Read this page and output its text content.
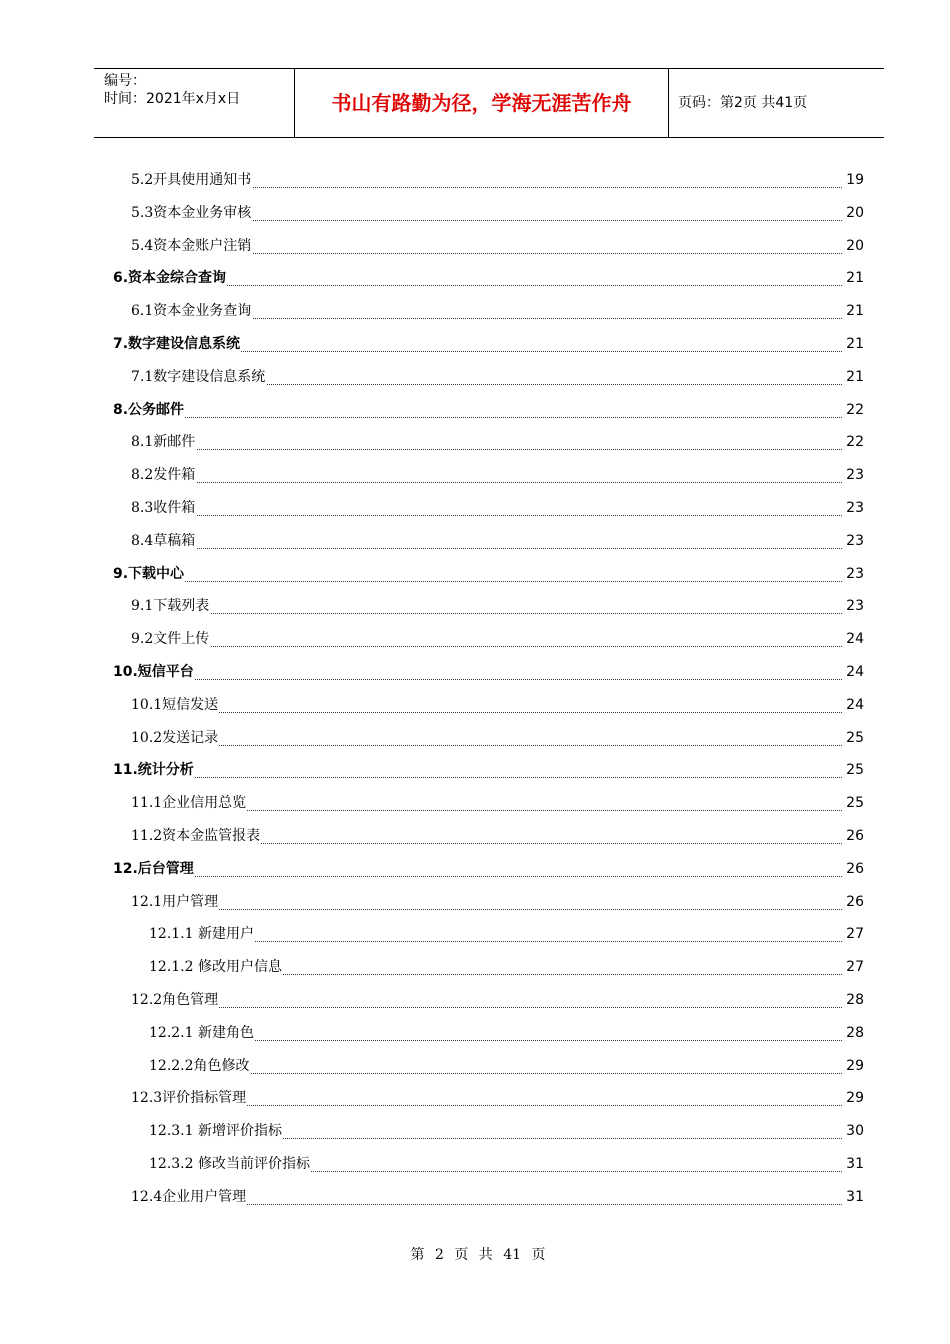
编号：
时间：2021年x月x日	书山有路勤为径，学海无涯苦作舟	页码：第2页 共41页
5.2开具使用通知书	19
5.3资本金业务审核	20
5.4资本金账户注销	20
6.资本金综合查询	21
6.1资本金业务查询	21
7.数字建设信息系统	21
7.1数字建设信息系统	21
8.公务邮件	22
8.1新邮件	22
8.2发件箱	23
8.3收件箱	23
8.4草稿箱	23
9.下载中心	23
9.1下载列表	23
9.2文件上传	24
10.短信平台	24
10.1短信发送	24
10.2发送记录	25
11.统计分析	25
11.1企业信用总览	25
11.2资本金监管报表	26
12.后台管理	26
12.1用户管理	26
12.1.1 新建用户	27
12.1.2 修改用户信息	27
12.2角色管理	28
12.2.1 新建角色	28
12.2.2角色修改	29
12.3评价指标管理	29
12.3.1 新增评价指标	30
12.3.2 修改当前评价指标	31
12.4企业用户管理	31
第 2 页 共 41 页
